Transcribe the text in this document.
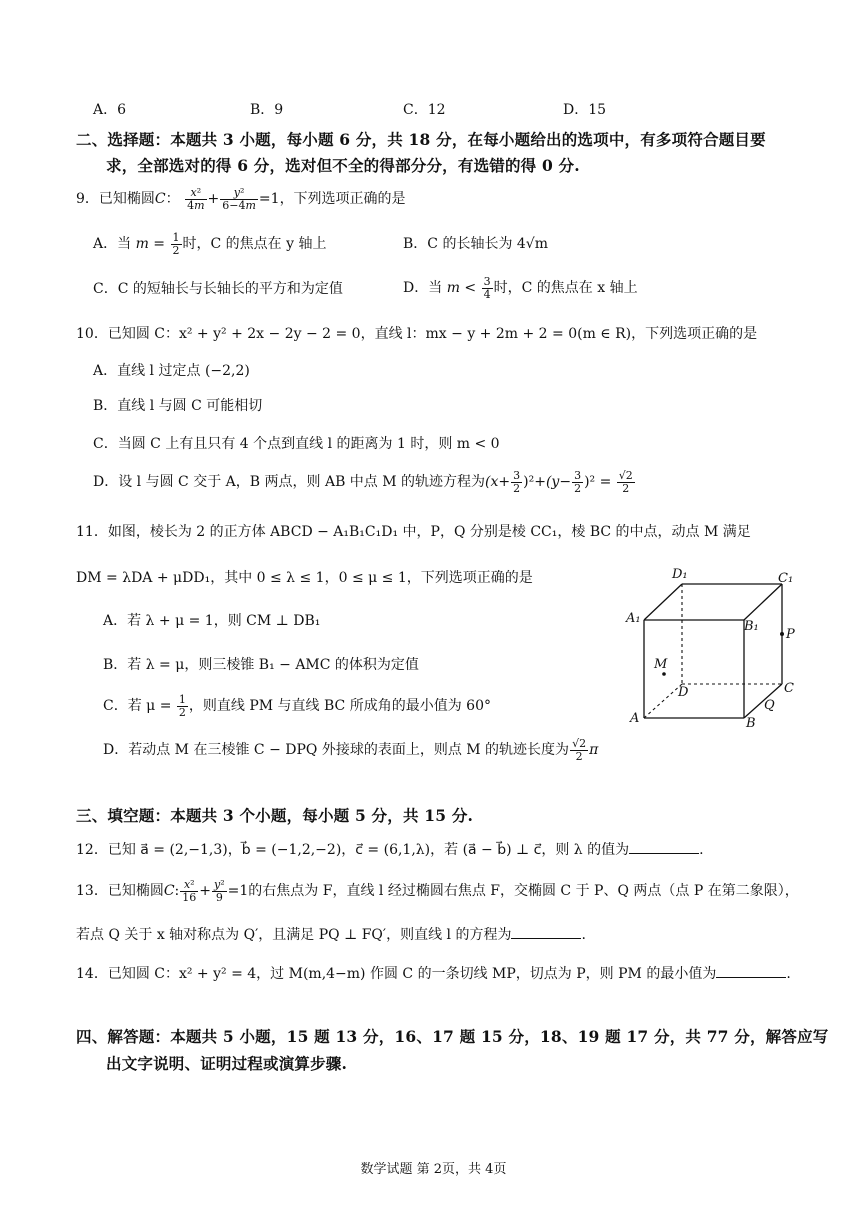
A．6	B．9	C．12	D．15
二、选择题：本题共 3 小题，每小题 6 分，共 18 分，在每小题给出的选项中，有多项符合题目要
求，全部选对的得 6 分，选对但不全的得部分分，有选错的得 0 分.
9．已知椭圆C： $\frac{\text{x²}}{4m} + \frac{\text{y²}}{6-4m} =1$，下列选项正确的是
A．当 $m = \frac{1}{2}$ 时，C 的焦点在 y 轴上	B．C 的长轴长为 4√m
C．C 的短轴长与长轴长的平方和为定值	D．当 $m < \frac{3}{4}$ 时，C 的焦点在 x 轴上
10．已知圆 C：x² + y² + 2x − 2y − 2 = 0，直线 l：mx − y + 2m + 2 = 0(m ∈ R)，下列选项正确的是
A．直线 l 过定点 (−2,2)
B．直线 l 与圆 C 可能相切
C．当圆 C 上有且只有 4 个点到直线 l 的距离为 1 时，则 m < 0
D．设 l 与圆 C 交于 A，B 两点，则 AB 中点 M 的轨迹方程为$(x+ \frac{3}{2} )^2+(y- \frac{3}{2} )^2 = \frac{√2}{2}$
11．如图，棱长为 2 的正方体 ABCD − A₁B₁C₁D₁ 中，P，Q 分别是棱 CC₁，棱 BC 的中点，动点 M 满足
DM = λDA + μDD₁，其中 0 ≤ λ ≤ 1，0 ≤ μ ≤ 1，下列选项正确的是
A．若 λ + μ = 1，则 CM ⊥ DB₁
B．若 λ = μ，则三棱锥 B₁ − AMC 的体积为定值
C．若 $\mu = \frac{1}{2}$ ，则直线 PM 与直线 BC 所成角的最小值为 60°
D．若动点 M 在三棱锥 C − DPQ 外接球的表面上，则点 M 的轨迹长度为 $\frac{√2}{2}$ π
D₁	C₁
A₁
B₁
P
M
D	C
A
Q
B
三、填空题：本题共 3 个小题，每小题 5 分，共 15 分.
12．已知 a⃗ = (2,−1,3)，b⃗ = (−1,2,−2)，c⃗ = (6,1,λ)，若 (a⃗ − b⃗) ⊥ c⃗，则 λ 的值为	.
13．已知椭圆C: $\frac{\text{x²}}{16} + \frac{\text{y²}}{9} =1$的右焦点为 F，直线 l 经过椭圆右焦点 F，交椭圆 C 于 P、Q 两点（点 P 在第二象限），
若点 Q 关于 x 轴对称点为 Q′，且满足 PQ ⊥ FQ′，则直线 l 的方程为	.
14．已知圆 C：x² + y² = 4，过 M(m,4−m) 作圆 C 的一条切线 MP，切点为 P，则 PM 的最小值为	.
四、解答题：本题共 5 小题，15 题 13 分，16、17 题 15 分，18、19 题 17 分，共 77 分，解答应写
出文字说明、证明过程或演算步骤.
数学试题 第 2页，共 4页
